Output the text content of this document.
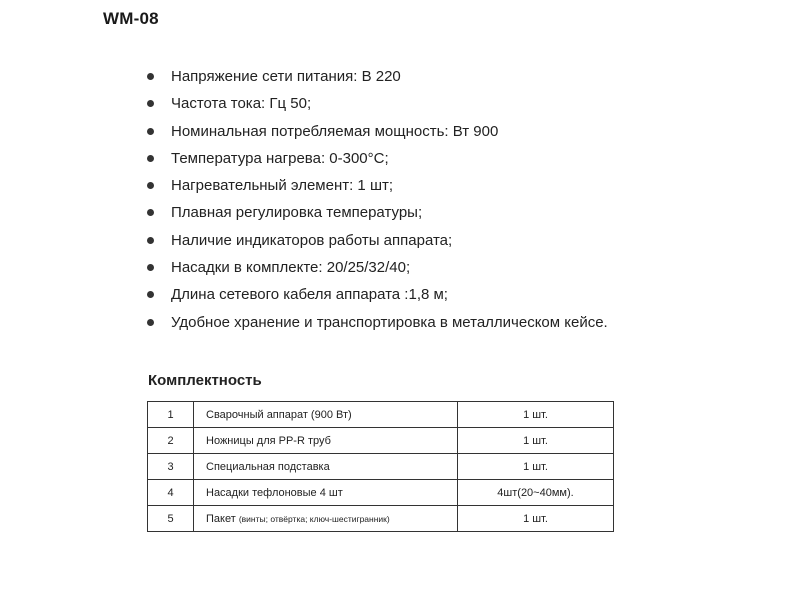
WM-08
Напряжение сети питания: В 220
Частота тока: Гц 50;
Номинальная потребляемая мощность: Вт 900
Температура нагрева: 0-300°C;
Нагревательный элемент: 1 шт;
Плавная регулировка температуры;
Наличие индикаторов работы аппарата;
Насадки в комплекте: 20/25/32/40;
Длина сетевого кабеля аппарата :1,8 м;
Удобное хранение и транспортировка в металлическом кейсе.
Комплектность
1	Сварочный аппарат (900 Вт)	1 шт.
2	Ножницы для PP-R труб	1 шт.
3	Специальная подставка	1 шт.
4	Насадки тефлоновые 4 шт	4шт(20~40мм).
5	Пакет (винты; отвёртка; ключ-шестигранник)	1 шт.
